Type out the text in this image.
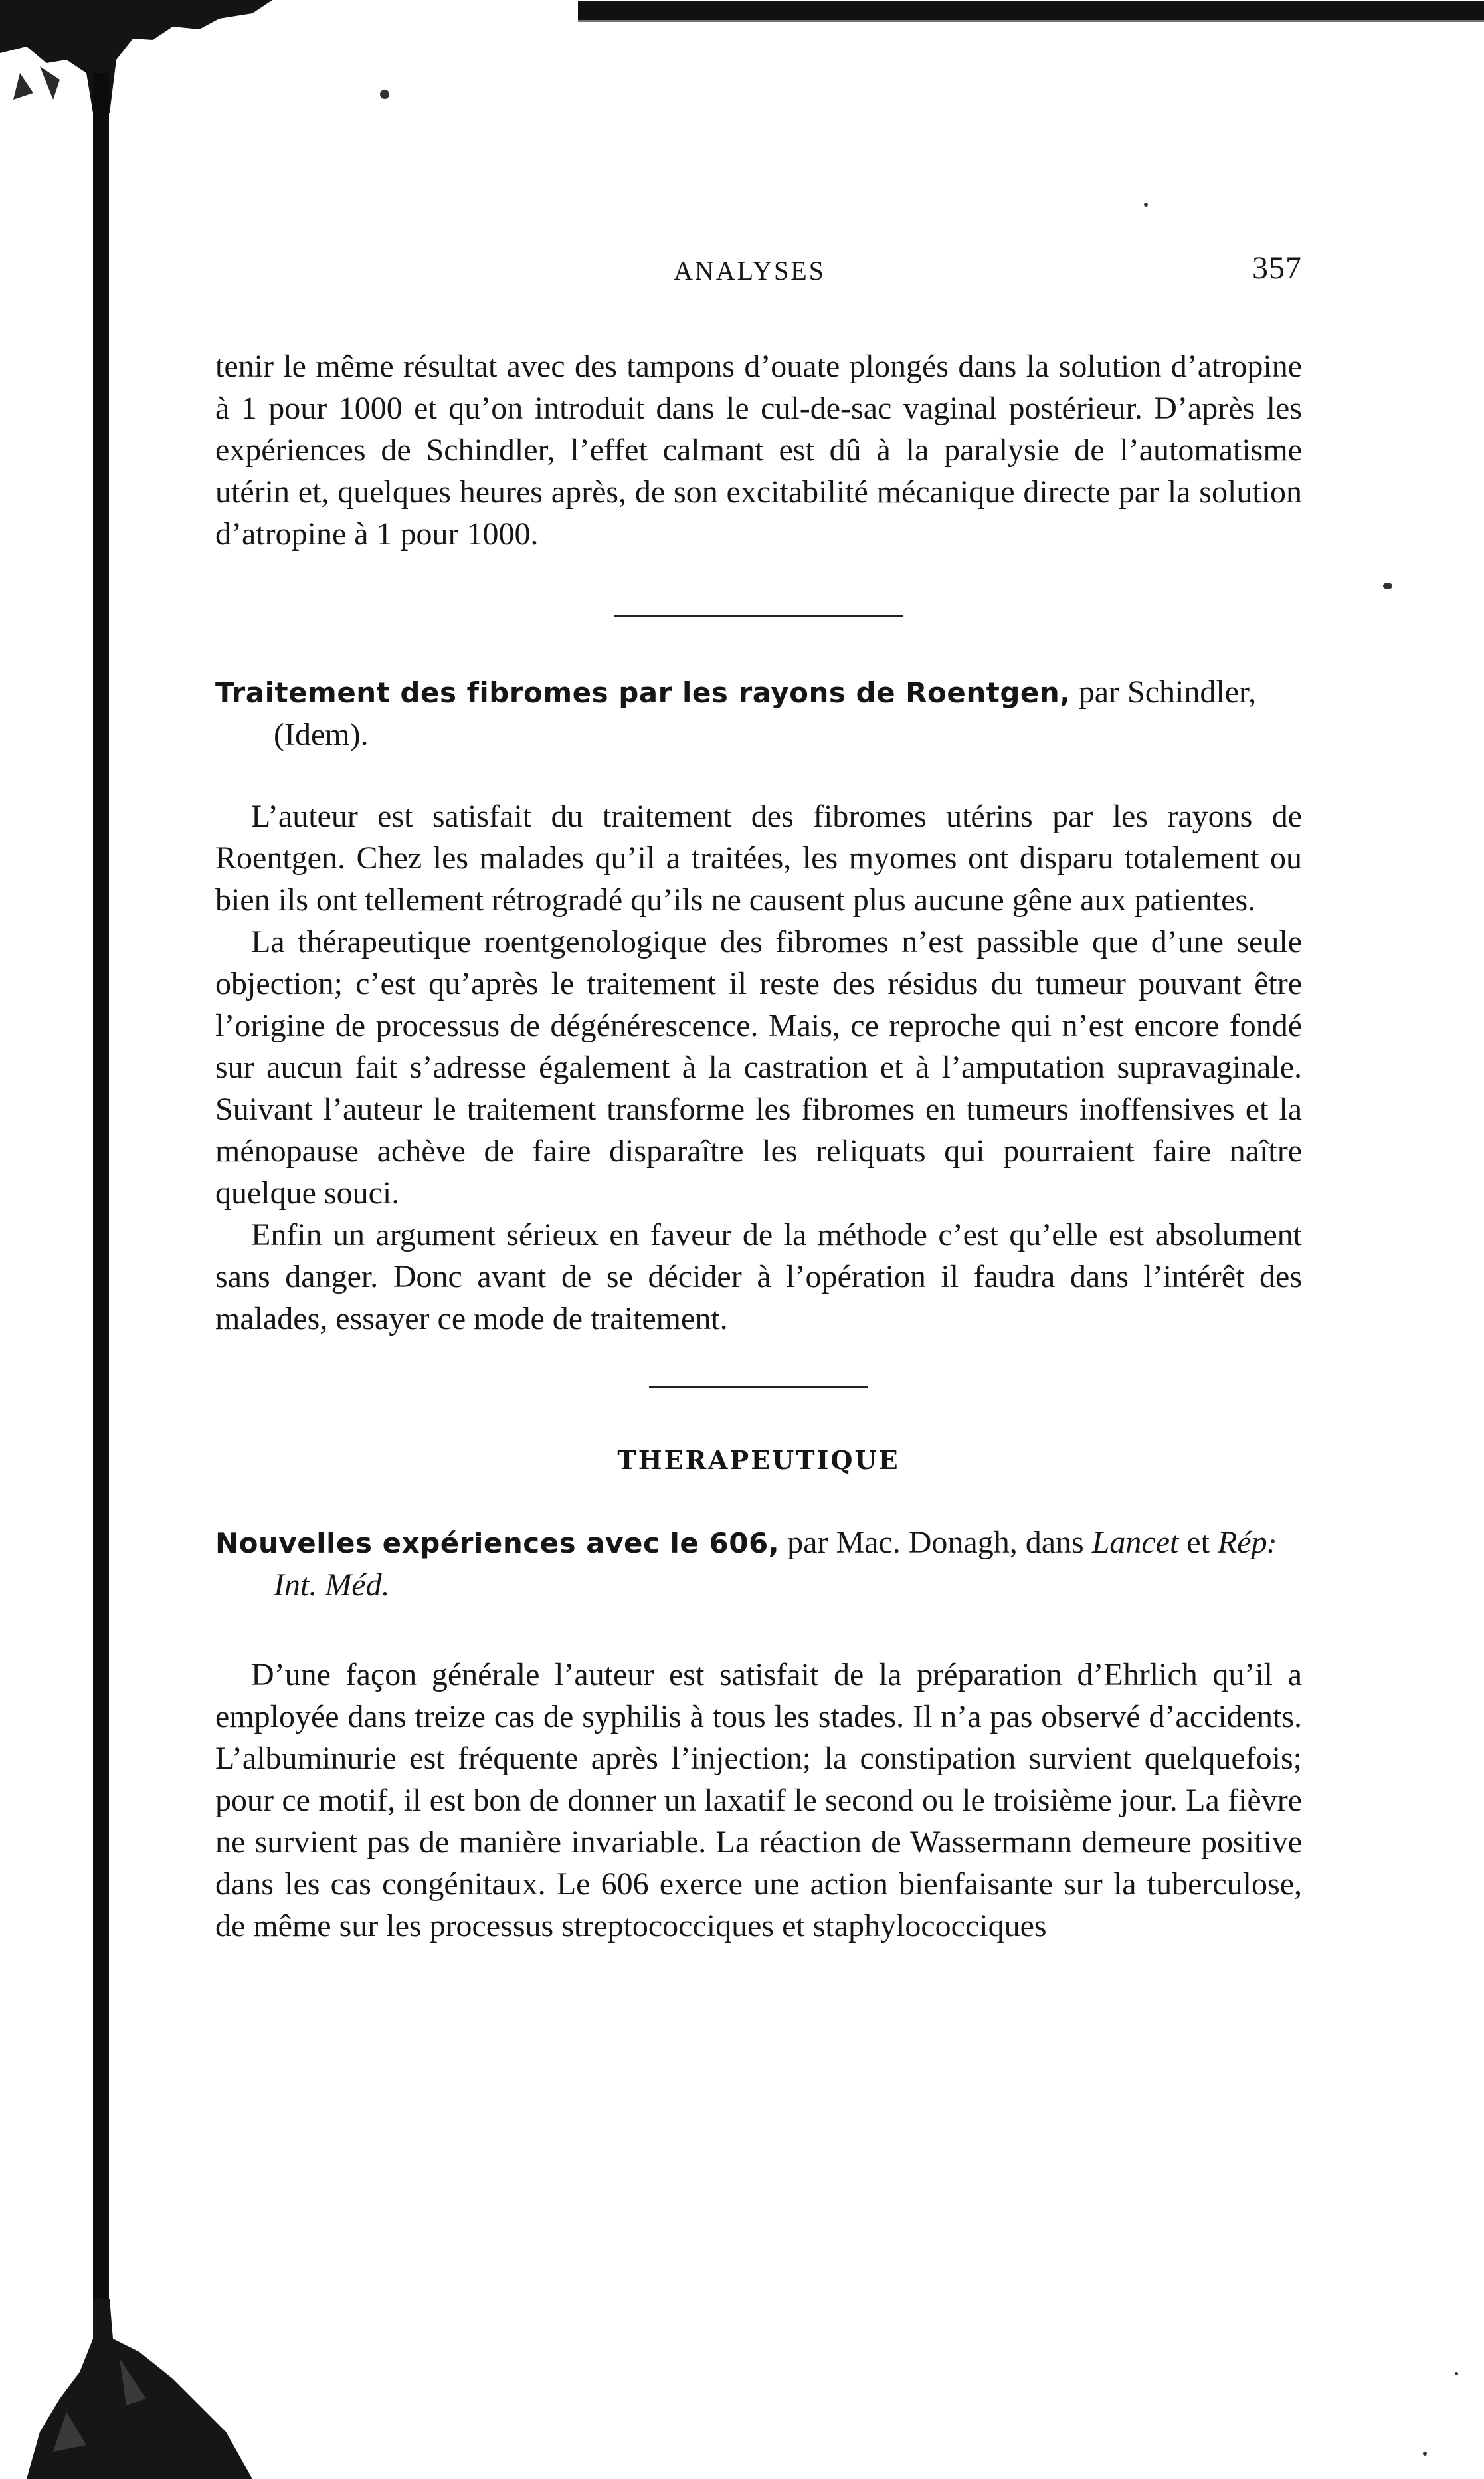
ANALYSES	357

tenir le même résultat avec des tampons d’ouate plongés dans la solution d’atropine à 1 pour 1000 et qu’on introduit dans le cul-de-sac vaginal postérieur. D’après les expériences de Schindler, l’effet calmant est dû à la paralysie de l’automatisme utérin et, quelques heures après, de son excitabilité mécanique directe par la solution d’atropine à 1 pour 1000.

Traitement des fibromes par les rayons de Roentgen, par Schindler, (Idem).

L’auteur est satisfait du traitement des fibromes utérins par les rayons de Roentgen. Chez les malades qu’il a traitées, les myomes ont disparu totalement ou bien ils ont tellement rétrogradé qu’ils ne causent plus aucune gêne aux patientes.

La thérapeutique roentgenologique des fibromes n’est passible que d’une seule objection; c’est qu’après le traitement il reste des résidus du tumeur pouvant être l’origine de processus de dégénérescence. Mais, ce reproche qui n’est encore fondé sur aucun fait s’adresse également à la castration et à l’amputation supravaginale. Suivant l’auteur le traitement transforme les fibromes en tumeurs inoffensives et la ménopause achève de faire disparaître les reliquats qui pourraient faire naître quelque souci.

Enfin un argument sérieux en faveur de la méthode c’est qu’elle est absolument sans danger. Donc avant de se décider à l’opération il faudra dans l’intérêt des malades, essayer ce mode de traitement.

THERAPEUTIQUE

Nouvelles expériences avec le 606, par Mac. Donagh, dans Lancet et Rép. Int. Méd.

D’une façon générale l’auteur est satisfait de la préparation d’Ehrlich qu’il a employée dans treize cas de syphilis à tous les stades. Il n’a pas observé d’accidents. L’albuminurie est fréquente après l’injection; la constipation survient quelquefois; pour ce motif, il est bon de donner un laxatif le second ou le troisième jour. La fièvre ne survient pas de manière invariable. La réaction de Wassermann demeure positive dans les cas congénitaux. Le 606 exerce une action bienfaisante sur la tuberculose, de même sur les processus streptococciques et staphylococciques
